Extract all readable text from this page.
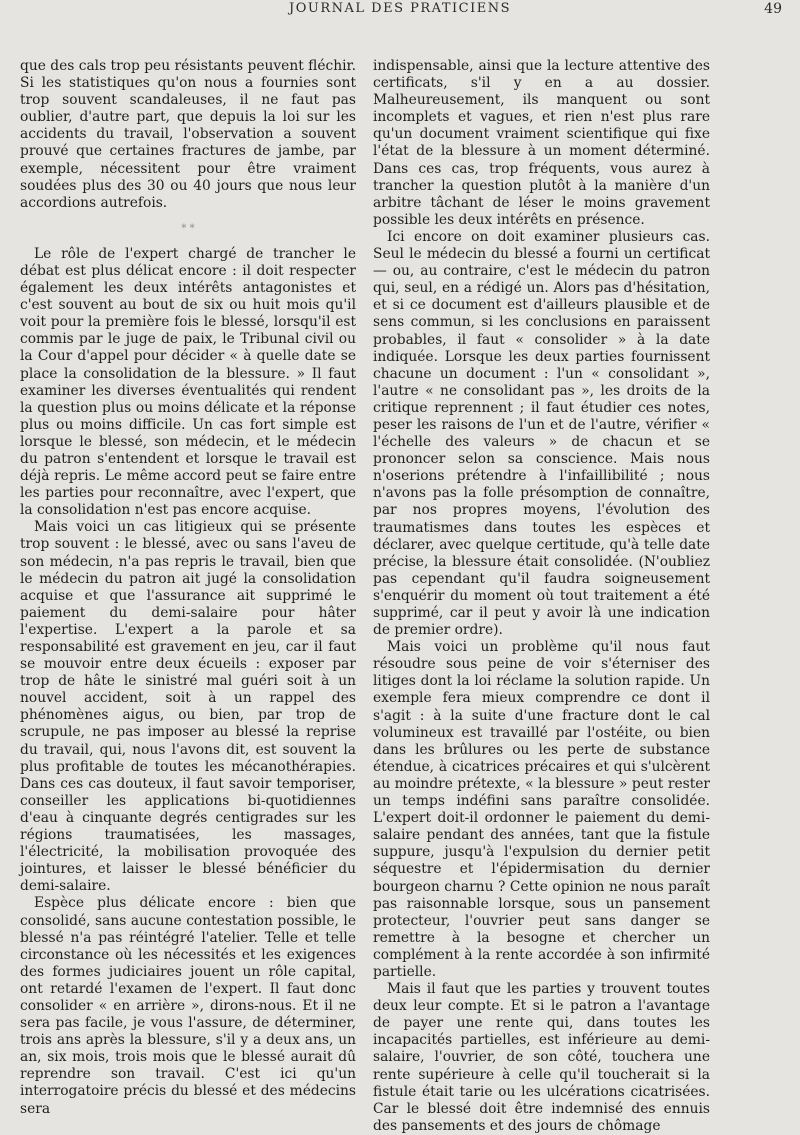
JOURNAL DES PRATICIENS	49

que des cals trop peu résistants peuvent fléchir. Si les statistiques qu'on nous a fournies sont trop souvent scandaleuses, il ne faut pas oublier, d'autre part, que depuis la loi sur les accidents du travail, l'observation a souvent prouvé que certaines fractures de jambe, par exemple, nécessitent pour être vraiment soudées plus des 30 ou 40 jours que nous leur accordions autrefois.

* *

Le rôle de l'expert chargé de trancher le débat est plus délicat encore : il doit respecter également les deux intérêts antagonistes et c'est souvent au bout de six ou huit mois qu'il voit pour la première fois le blessé, lorsqu'il est commis par le juge de paix, le Tribunal civil ou la Cour d'appel pour décider « à quelle date se place la consolidation de la blessure. » Il faut examiner les diverses éventualités qui rendent la question plus ou moins délicate et la réponse plus ou moins difficile. Un cas fort simple est lorsque le blessé, son médecin, et le médecin du patron s'entendent et lorsque le travail est déjà repris. Le même accord peut se faire entre les parties pour reconnaître, avec l'expert, que la consolidation n'est pas encore acquise.

Mais voici un cas litigieux qui se présente trop souvent : le blessé, avec ou sans l'aveu de son médecin, n'a pas repris le travail, bien que le médecin du patron ait jugé la consolidation acquise et que l'assurance ait supprimé le paiement du demi-salaire pour hâter l'expertise. L'expert a la parole et sa responsabilité est gravement en jeu, car il faut se mouvoir entre deux écueils : exposer par trop de hâte le sinistré mal guéri soit à un nouvel accident, soit à un rappel des phénomènes aigus, ou bien, par trop de scrupule, ne pas imposer au blessé la reprise du travail, qui, nous l'avons dit, est souvent la plus profitable de toutes les mécanothérapies. Dans ces cas douteux, il faut savoir temporiser, conseiller les applications bi-quotidiennes d'eau à cinquante degrés centigrades sur les régions traumatisées, les massages, l'électricité, la mobilisation provoquée des jointures, et laisser le blessé bénéficier du demi-salaire.

Espèce plus délicate encore : bien que consolidé, sans aucune contestation possible, le blessé n'a pas réintégré l'atelier. Telle et telle circonstance où les nécessités et les exigences des formes judiciaires jouent un rôle capital, ont retardé l'examen de l'expert. Il faut donc consolider « en arrière », dirons-nous. Et il ne sera pas facile, je vous l'assure, de déterminer, trois ans après la blessure, s'il y a deux ans, un an, six mois, trois mois que le blessé aurait dû reprendre son travail. C'est ici qu'un interrogatoire précis du blessé et des médecins sera

indispensable, ainsi que la lecture attentive des certificats, s'il y en a au dossier. Malheureusement, ils manquent ou sont incomplets et vagues, et rien n'est plus rare qu'un document vraiment scientifique qui fixe l'état de la blessure à un moment déterminé. Dans ces cas, trop fréquents, vous aurez à trancher la question plutôt à la manière d'un arbitre tâchant de léser le moins gravement possible les deux intérêts en présence.

Ici encore on doit examiner plusieurs cas. Seul le médecin du blessé a fourni un certificat — ou, au contraire, c'est le médecin du patron qui, seul, en a rédigé un. Alors pas d'hésitation, et si ce document est d'ailleurs plausible et de sens commun, si les conclusions en paraissent probables, il faut « consolider » à la date indiquée. Lorsque les deux parties fournissent chacune un document : l'un « consolidant », l'autre « ne consolidant pas », les droits de la critique reprennent ; il faut étudier ces notes, peser les raisons de l'un et de l'autre, vérifier « l'échelle des valeurs » de chacun et se prononcer selon sa conscience. Mais nous n'oserions prétendre à l'infaillibilité ; nous n'avons pas la folle présomption de connaître, par nos propres moyens, l'évolution des traumatismes dans toutes les espèces et déclarer, avec quelque certitude, qu'à telle date précise, la blessure était consolidée. (N'oubliez pas cependant qu'il faudra soigneusement s'enquérir du moment où tout traitement a été supprimé, car il peut y avoir là une indication de premier ordre).

Mais voici un problème qu'il nous faut résoudre sous peine de voir s'éterniser des litiges dont la loi réclame la solution rapide. Un exemple fera mieux comprendre ce dont il s'agit : à la suite d'une fracture dont le cal volumineux est travaillé par l'ostéite, ou bien dans les brûlures ou les perte de substance étendue, à cicatrices précaires et qui s'ulcèrent au moindre prétexte, « la blessure » peut rester un temps indéfini sans paraître consolidée. L'expert doit-il ordonner le paiement du demi-salaire pendant des années, tant que la fistule suppure, jusqu'à l'expulsion du dernier petit séquestre et l'épidermisation du dernier bourgeon charnu ? Cette opinion ne nous paraît pas raisonnable lorsque, sous un pansement protecteur, l'ouvrier peut sans danger se remettre à la besogne et chercher un complément à la rente accordée à son infirmité partielle.

Mais il faut que les parties y trouvent toutes deux leur compte. Et si le patron a l'avantage de payer une rente qui, dans toutes les incapacités partielles, est inférieure au demi-salaire, l'ouvrier, de son côté, touchera une rente supérieure à celle qu'il toucherait si la fistule était tarie ou les ulcérations cicatrisées. Car le blessé doit être indemnisé des ennuis des pansements et des jours de chômage
